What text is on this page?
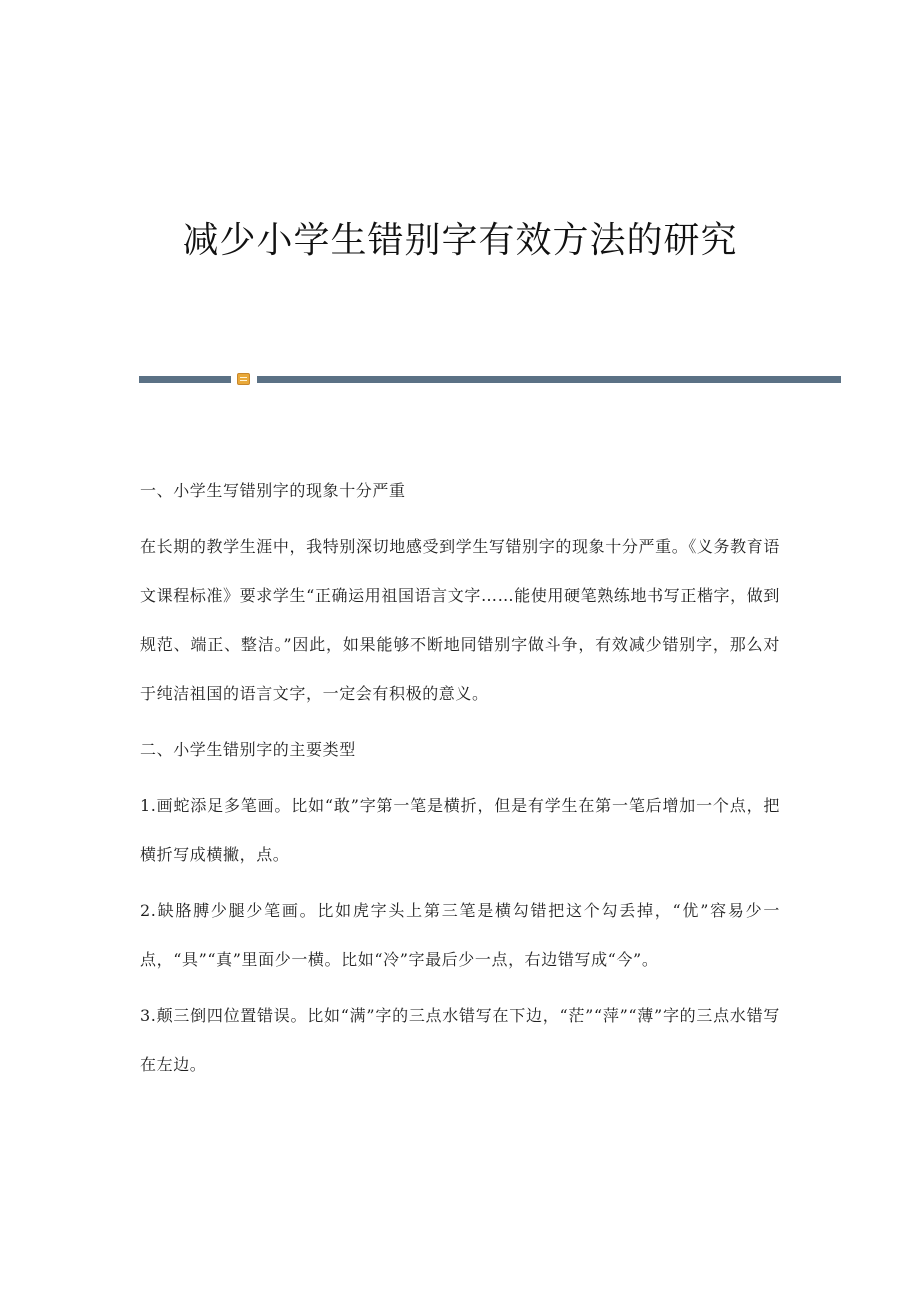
减少小学生错别字有效方法的研究

一、小学生写错别字的现象十分严重

在长期的教学生涯中，我特别深切地感受到学生写错别字的现象十分严重。《义务教育语文课程标准》要求学生“正确运用祖国语言文字……能使用硬笔熟练地书写正楷字，做到规范、端正、整洁。”因此，如果能够不断地同错别字做斗争，有效减少错别字，那么对于纯洁祖国的语言文字，一定会有积极的意义。

二、小学生错别字的主要类型

1.画蛇添足多笔画。比如“敢”字第一笔是横折，但是有学生在第一笔后增加一个点，把横折写成横撇，点。

2.缺胳膊少腿少笔画。比如虎字头上第三笔是横勾错把这个勾丢掉，“优”容易少一点，“具”“真”里面少一横。比如“冷”字最后少一点，右边错写成“今”。

3.颠三倒四位置错误。比如“满”字的三点水错写在下边，“茫”“萍”“薄”字的三点水错写在左边。
